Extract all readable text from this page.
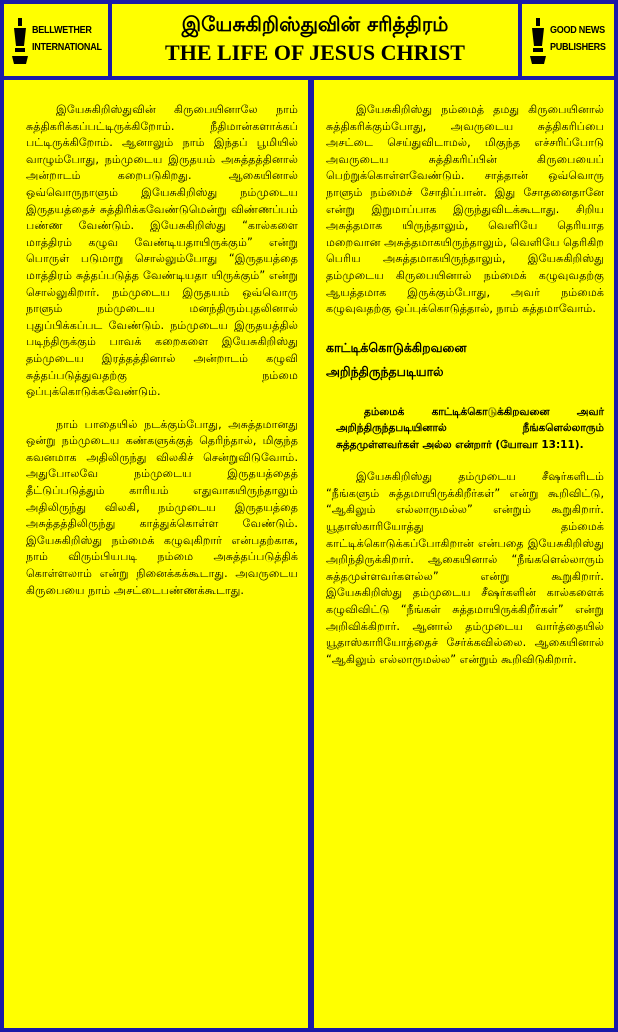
BELLWETHER
INTERNATIONAL
இயேசுகிறிஸ்துவின் சரித்திரம்
THE LIFE OF JESUS CHRIST
GOOD NEWS
PUBLISHERS

இயேசுகிறிஸ்துவின் கிருபையினாலே நாம் சுத்திகரிக்கப்பட்டிருக்கிறோம். நீதிமான்களாக்கப் பட்டிருக்கிறோம். ஆனாலும் நாம் இந்தப் பூமியில் வாழும்போது, நம்முடைய இருதயம் அசுத்தத்தினால் அன்றாடம் கறைபடுகிறது. ஆகையினால் ஒவ்வொருநாளும் இயேசுகிறிஸ்து நம்முடைய இருதயத்தைச் சுத்திரிக்கவேண்டுமென்று விண்ணப்பம் பண்ண வேண்டும். இயேசுகிறிஸ்து “கால்களை மாத்திரம் கழுவ வேண்டியதாயிருக்கும்” என்று பொருள் படுமாறு சொல்லும்போது “இருதயத்தை மாத்திரம் சுத்தப்படுத்த வேண்டியதா யிருக்கும்” என்று சொல்லுகிறார். நம்முடைய இருதயம் ஒவ்வொரு நாளும் நம்முடைய மனந்திரும்புதலினால் புதுப்பிக்கப்பட வேண்டும். நம்முடைய இருதயத்தில் படிந்திருக்கும் பாவக் கறைகளை இயேசுகிறிஸ்து தம்முடைய இரத்தத்தினால் அன்றாடம் கழுவி சுத்தப்படுத்துவதற்கு நம்மை ஒப்புக்கொடுக்கவேண்டும்.

நாம் பாதையில் நடக்கும்போது, அசுத்தமானது ஒன்று நம்முடைய கண்களுக்குத் தெரிந்தால், மிகுந்த கவனமாக அதிலிருந்து விலகிச் சென்றுவிடுவோம். அதுபோலவே நம்முடைய இருதயத்தைத் தீட்டுப்படுத்தும் காரியம் எதுவாகயிருந்தாலும் அதிலிருந்து விலகி, நம்முடைய இருதயத்தை அசுத்தத்திலிருந்து காத்துக்கொள்ள வேண்டும். இயேசுகிறிஸ்து நம்மைக் கழுவுகிறார் என்பதற்காக, நாம் விரும்பியபடி நம்மை அசுத்தப்படுத்திக் கொள்ளலாம் என்று நினைக்கக்கூடாது. அவருடைய கிருபையை நாம் அசட்டைபண்ணக்கூடாது.

இயேசுகிறிஸ்து நம்மைத் தமது கிருபையினால் சுத்திகரிக்கும்போது, அவருடைய சுத்திகரிப்பை அசட்டை செய்துவிடாமல், மிகுந்த எச்சரிப்போடு அவருடைய சுத்திகரிப்பின் கிருபையைப் பெற்றுக்கொள்ளவேண்டும். சாத்தான் ஒவ்வொரு நாளும் நம்மைச் சோதிப்பான். இது சோதனைதானே என்று இறுமாப்பாக இருந்துவிடக்கூடாது. சிறிய அசுத்தமாக யிருந்தாலும், வெளியே தெரியாத மறைவான அசுத்தமாகயிருந்தாலும், வெளியே தெரிகிற பெரிய அசுத்தமாகயிருந்தாலும், இயேசுகிறிஸ்து தம்முடைய கிருபையினால் நம்மைக் கழுவுவதற்கு ஆயத்தமாக இருக்கும்போது, அவர் நம்மைக் கழுவுவதற்கு ஒப்புக்கொடுத்தால், நாம் சுத்தமாவோம்.

காட்டிக்கொடுக்கிறவனை
அறிந்திருந்தபடியால்

தம்மைக் காட்டிக்கொடுக்கிறவனை அவர் அறிந்திருந்தபடியினால் நீங்களெல்லாரும் சுத்தமுள்ளவர்கள் அல்ல என்றார் (யோவா 13:11).

இயேசுகிறிஸ்து தம்முடைய சீஷர்களிடம் “நீங்களும் சுத்தமாயிருக்கிறீர்கள்” என்று கூறிவிட்டு, “ஆகிலும் எல்லாருமல்ல” என்றும் கூறுகிறார். யூதாஸ்காரியோத்து தம்மைக் காட்டிக்கொடுக்கப்போகிறான் என்பதை இயேசுகிறிஸ்து அறிந்திருக்கிறார். ஆகையினால் “நீங்களெல்லாரும் சுத்தமுள்ளவர்களல்ல” என்று கூறுகிறார். இயேசுகிறிஸ்து தம்முடைய சீஷர்களின் கால்களைக் கழுவிவிட்டு “நீங்கள் சுத்தமாயிருக்கிறீர்கள்” என்று அறிவிக்கிறார். ஆனால் தம்முடைய வார்த்தையில் யூதாஸ்காரியோத்தைச் சேர்க்கவில்லை. ஆகையினால் “ஆகிலும் எல்லாருமல்ல” என்றும் கூறிவிடுகிறார்.
